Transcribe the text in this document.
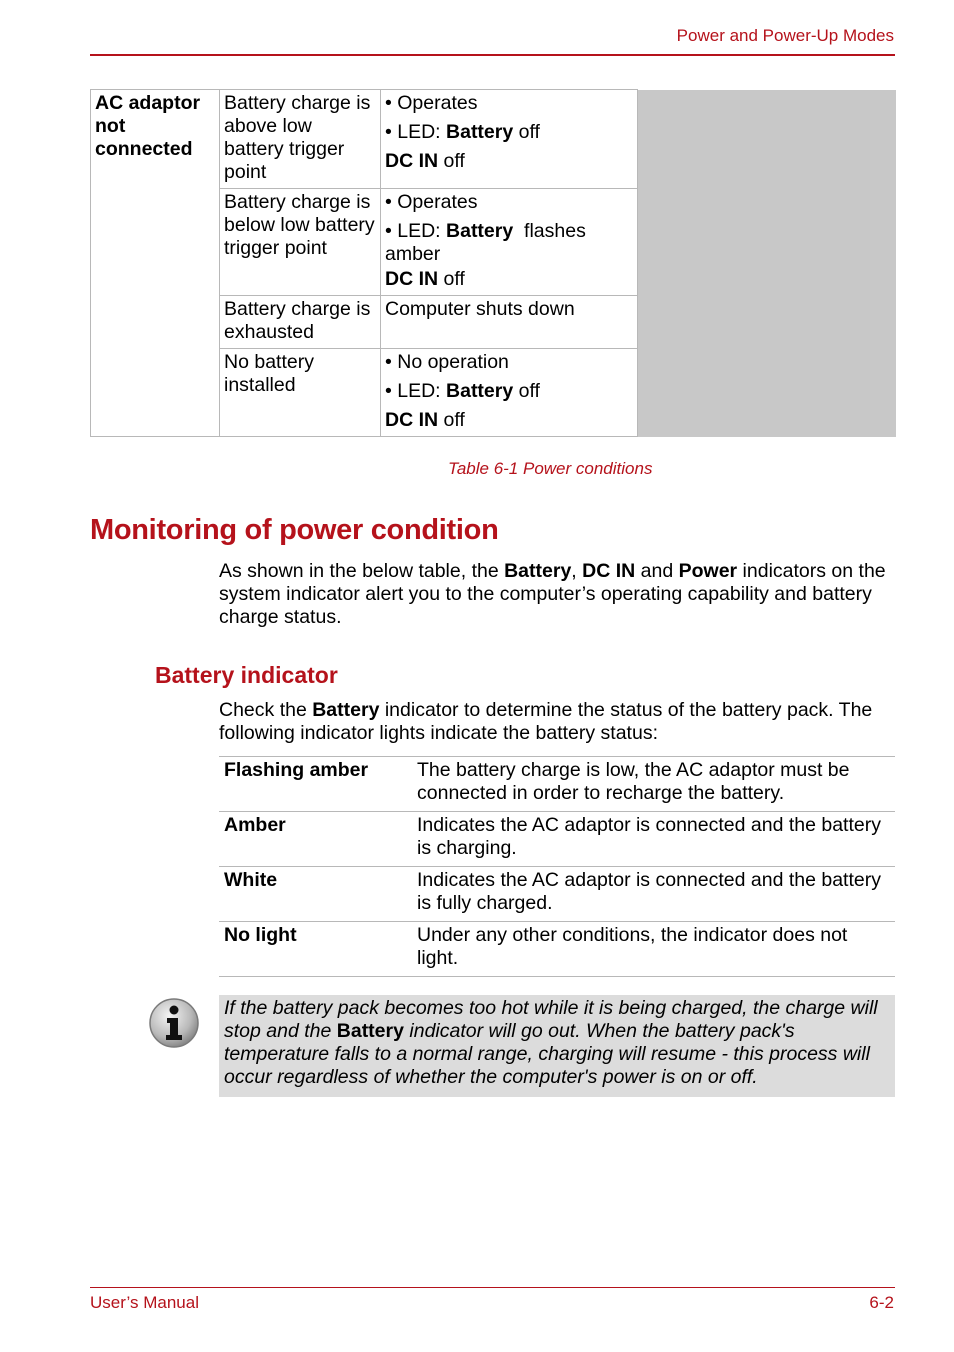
Power and Power-Up Modes
AC adaptor not connected	Battery charge is above low battery trigger point	• Operates
• LED: Battery off
DC IN off	

	Battery charge is below low battery trigger point	• Operates
• LED: Battery  flashes amber
DC IN off	

	Battery charge is exhausted	Computer shuts down	
	No battery installed	• No operation
• LED: Battery off
DC IN off	
Table 6-1 Power conditions
Monitoring of power condition

As shown in the below table, the Battery, DC IN and Power indicators on the system indicator alert you to the computer’s operating capability and battery charge status.

Battery indicator

Check the Battery indicator to determine the status of the battery pack. The following indicator lights indicate the battery status:

Flashing amber	The battery charge is low, the AC adaptor must be connected in order to recharge the battery.
Amber	Indicates the AC adaptor is connected and the battery is charging.
White	Indicates the AC adaptor is connected and the battery is fully charged.
No light	Under any other conditions, the indicator does not light.
If the battery pack becomes too hot while it is being charged, the charge will stop and the Battery indicator will go out. When the battery pack's temperature falls to a normal range, charging will resume - this process will occur regardless of whether the computer's power is on or off.
User’s Manual	6-2
